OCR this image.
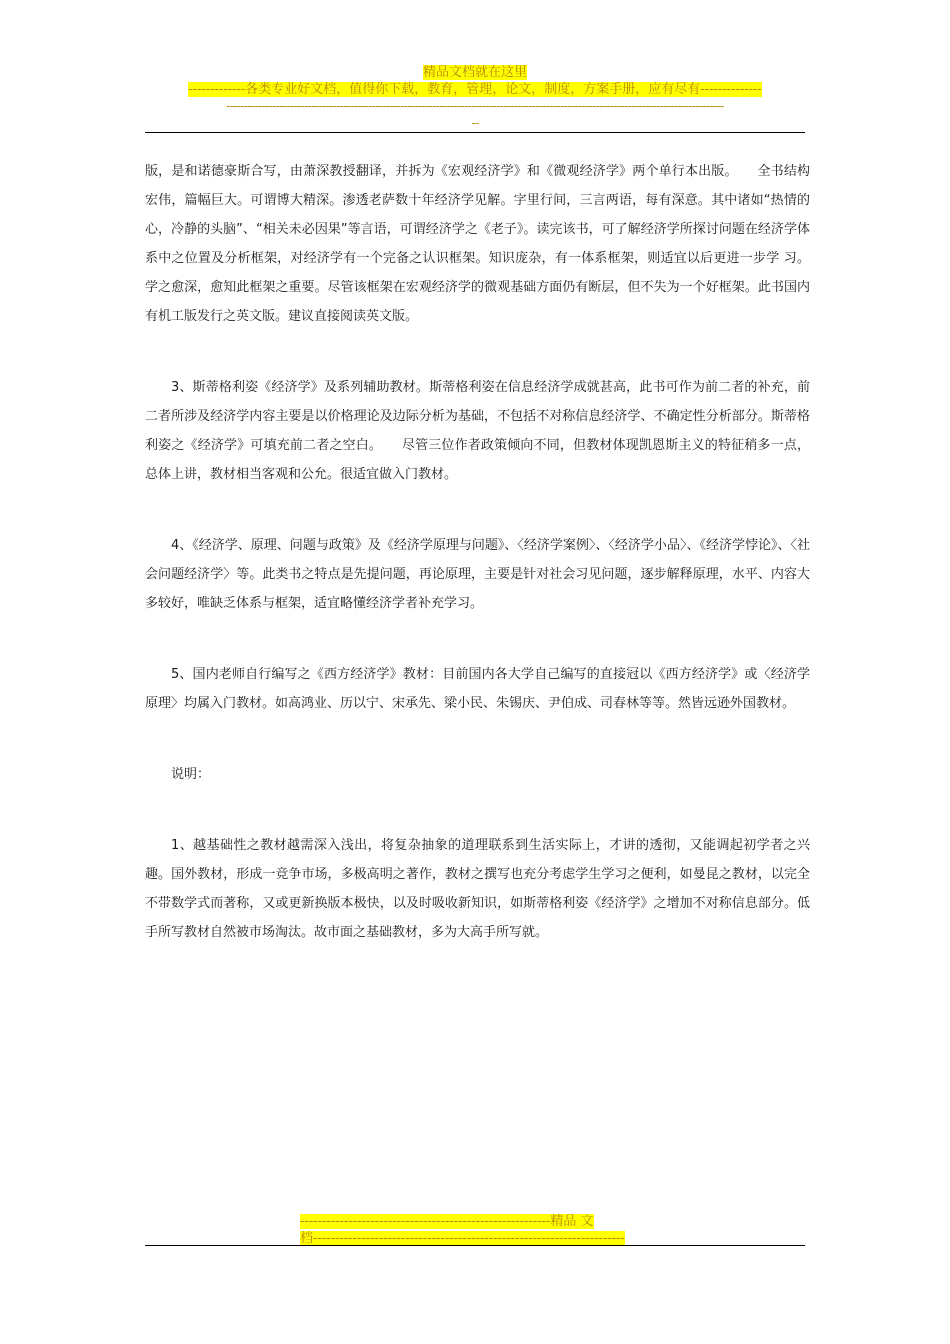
精品文档就在这里
-------------各类专业好文档，值得你下载，教育，管理，论文，制度，方案手册，应有尽有--------------
--------------------------------------------------------------------------------------------------------------------------------------------
--

版，是和诺德豪斯合写，由萧深教授翻译，并拆为《宏观经济学》和《微观经济学》两个单行本出版。　　全书结构宏伟，篇幅巨大。可谓博大精深。渗透老萨数十年经济学见解。字里行间，三言两语，每有深意。其中诸如“热情的心，冷静的头脑”、“相关未必因果”等言语，可谓经济学之《老子》。读完该书，可了解经济学所探讨问题在经济学体系中之位置及分析框架，对经济学有一个完备之认识框架。知识庞杂，有一体系框架，则适宜以后更进一步学 习。学之愈深，愈知此框架之重要。尽管该框架在宏观经济学的微观基础方面仍有断层，但不失为一个好框架。此书国内有机工版发行之英文版。建议直接阅读英文版。

3、斯蒂格利姿《经济学》及系列辅助教材。斯蒂格利姿在信息经济学成就甚高，此书可作为前二者的补充，前二者所涉及经济学内容主要是以价格理论及边际分析为基础，不包括不对称信息经济学、不确定性分析部分。斯蒂格利姿之《经济学》可填充前二者之空白。　　尽管三位作者政策倾向不同，但教材体现凯恩斯主义的特征稍多一点，总体上讲，教材相当客观和公允。很适宜做入门教材。

4、《经济学、原理、问题与政策》及《经济学原理与问题》、〈经济学案例〉、〈经济学小品〉、《经济学悖论》、〈社会问题经济学〉等。此类书之特点是先提问题，再论原理，主要是针对社会习见问题，逐步解释原理，水平、内容大多较好，唯缺乏体系与框架，适宜略懂经济学者补充学习。

5、国内老师自行编写之《西方经济学》教材：目前国内各大学自己编写的直接冠以《西方经济学》或〈经济学原理〉均属入门教材。如高鸿业、历以宁、宋承先、梁小民、朱锡庆、尹伯成、司春林等等。然皆远逊外国教材。

说明：

1、越基础性之教材越需深入浅出，将复杂抽象的道理联系到生活实际上，才讲的透彻，又能调起初学者之兴趣。国外教材，形成一竞争市场，多极高明之著作，教材之撰写也充分考虑学生学习之便利，如曼昆之教材，以完全不带数学式而著称，又或更新换版本极快，以及时吸收新知识，如斯蒂格利姿《经济学》之增加不对称信息部分。低手所写教材自然被市场淘汰。故市面之基础教材，多为大高手所写就。

---------------------------------------------------------精品 文
档-----------------------------------------------------------------------
